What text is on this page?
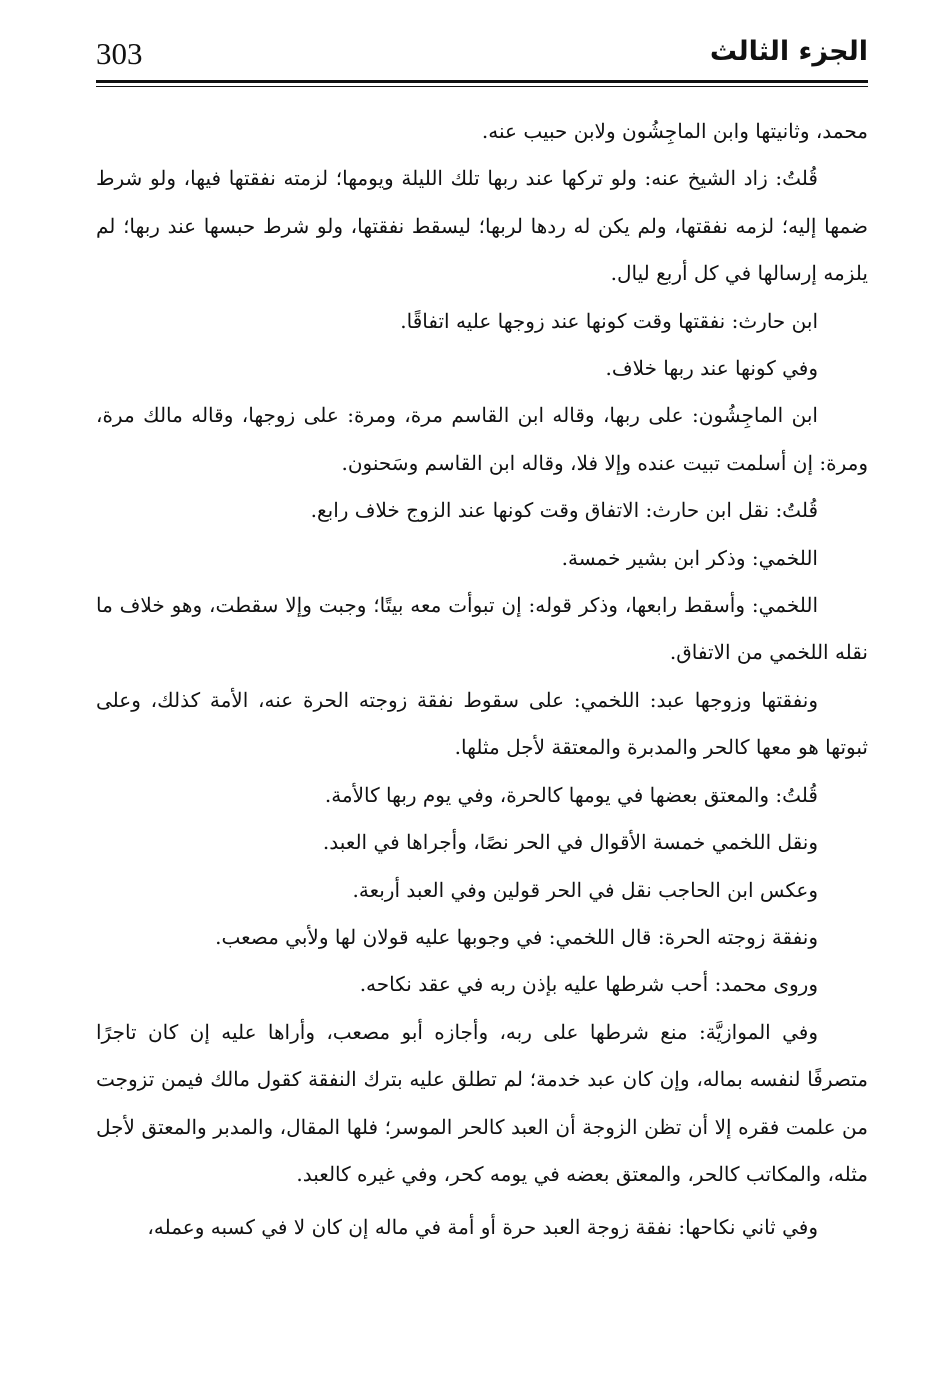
303	الجزء الثالث

محمد، وثانيتها وابن الماجِشُون ولابن حبيب عنه.

قُلتُ: زاد الشيخ عنه: ولو تركها عند ربها تلك الليلة ويومها؛ لزمته نفقتها فيها، ولو شرط ضمها إليه؛ لزمه نفقتها، ولم يكن له ردها لربها؛ ليسقط نفقتها، ولو شرط حبسها عند ربها؛ لم يلزمه إرسالها في كل أربع ليال.

ابن حارث: نفقتها وقت كونها عند زوجها عليه اتفاقًا.

وفي كونها عند ربها خلاف.

ابن الماجِشُون: على ربها، وقاله ابن القاسم مرة، ومرة: على زوجها، وقاله مالك مرة، ومرة: إن أسلمت تبيت عنده وإلا فلا، وقاله ابن القاسم وسَحنون.

قُلتُ: نقل ابن حارث: الاتفاق وقت كونها عند الزوج خلاف رابع.

اللخمي: وذكر ابن بشير خمسة.

اللخمي: وأسقط رابعها، وذكر قوله: إن تبوأت معه بيتًا؛ وجبت وإلا سقطت، وهو خلاف ما نقله اللخمي من الاتفاق.

ونفقتها وزوجها عبد: اللخمي: على سقوط نفقة زوجته الحرة عنه، الأمة كذلك، وعلى ثبوتها هو معها كالحر والمدبرة والمعتقة لأجل مثلها.

قُلتُ: والمعتق بعضها في يومها كالحرة، وفي يوم ربها كالأمة.

ونقل اللخمي خمسة الأقوال في الحر نصًا، وأجراها في العبد.

وعكس ابن الحاجب نقل في الحر قولين وفي العبد أربعة.

ونفقة زوجته الحرة: قال اللخمي: في وجوبها عليه قولان لها ولأبي مصعب.

وروى محمد: أحب شرطها عليه بإذن ربه في عقد نكاحه.

وفي الموازيَّة: منع شرطها على ربه، وأجازه أبو مصعب، وأراها عليه إن كان تاجرًا متصرفًا لنفسه بماله، وإن كان عبد خدمة؛ لم تطلق عليه بترك النفقة كقول مالك فيمن تزوجت من علمت فقره إلا أن تظن الزوجة أن العبد كالحر الموسر؛ فلها المقال، والمدبر والمعتق لأجل مثله، والمكاتب كالحر، والمعتق بعضه في يومه كحر، وفي غيره كالعبد.

وفي ثاني نكاحها: نفقة زوجة العبد حرة أو أمة في ماله إن كان لا في كسبه وعمله،
